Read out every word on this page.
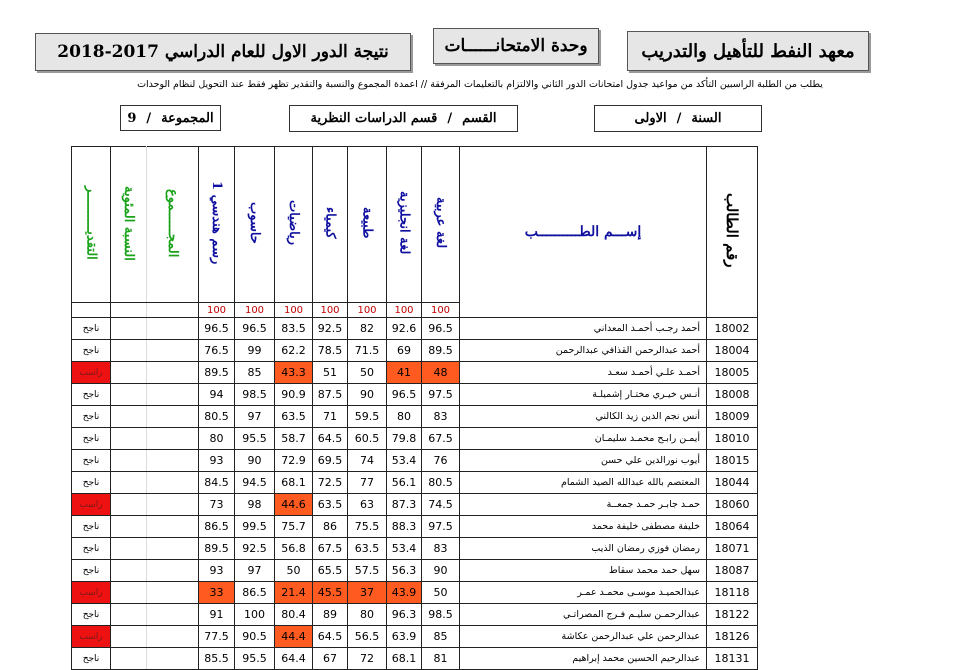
معهد النفط للتأهيل والتدريب
وحدة الامتحانــــــات
نتيجة الدور الاول للعام الدراسي 2017-2018
يطلب من الطلبة الراسبين التأكد من مواعيد جدول امتحانات الدور الثاني والالتزام بالتعليمات المرفقة // اعمدة المجموع والنسبة والتقدير تظهر فقط عند التحويل لنظام الوحدات
السنة
/
الاولى
القسم
/
قسم الدراسات النظرية
المجموعة
/
9
التقديــــــــــر	النسبة المئوية	المجــــــموع	رسم هندسي 1	حاسوب	رياضيات	كيمياء	طبيعة	لغة انجليزية	لغة عربية	إســـم الطــــــــــب	رقم الطالب
			100	100	100	100	100	100	100		
ناجح			96.5	96.5	83.5	92.5	82	92.6	96.5	أحمد رجـب أحمـد المعداني	18002
ناجح			76.5	99	62.2	78.5	71.5	69	89.5	أحمد عبدالرحمن القذافي عبدالرحمن	18004
راسب			89.5	85	43.3	51	50	41	48	أحمـد علـي أحمـد سعـد	18005
ناجح			94	98.5	90.9	87.5	90	96.5	97.5	أنـس خيـري مختـار إشميلـة	18008
ناجح			80.5	97	63.5	71	59.5	80	83	أنس نجم الدين زيد الكالني	18009
ناجح			80	95.5	58.7	64.5	60.5	79.8	67.5	أيمـن رابـح محمـد سليمـان	18010
ناجح			93	90	72.9	69.5	74	53.4	76	أيوب نورالدين علي حسن	18015
ناجح			84.5	94.5	68.1	72.5	77	56.1	80.5	المعتصم بالله عبدالله الصيد الشمام	18044
راسب			73	98	44.6	63.5	63	87.3	74.5	حمـد جابـر حمـد جمعــة	18060
ناجح			86.5	99.5	75.7	86	75.5	88.3	97.5	خليفة مصطفى خليفة محمد	18064
ناجح			89.5	92.5	56.8	67.5	63.5	53.4	83	رمضان فوزي رمضان الذيب	18071
ناجح			93	97	50	65.5	57.5	56.3	90	سهل حمد محمد سقاط	18087
راسب			33	86.5	21.4	45.5	37	43.9	50	عبدالحميـد موسـى محمـد عمـر	18118
ناجح			91	100	80.4	89	80	96.3	98.5	عبدالرحمـن سليـم فـرج المصراتـي	18122
راسب			77.5	90.5	44.4	64.5	56.5	63.9	85	عبدالرحمن علي عبدالرحمن عكاشة	18126
ناجح			85.5	95.5	64.4	67	72	68.1	81	عبدالرحيم الحسين محمد إبراهيم	18131
